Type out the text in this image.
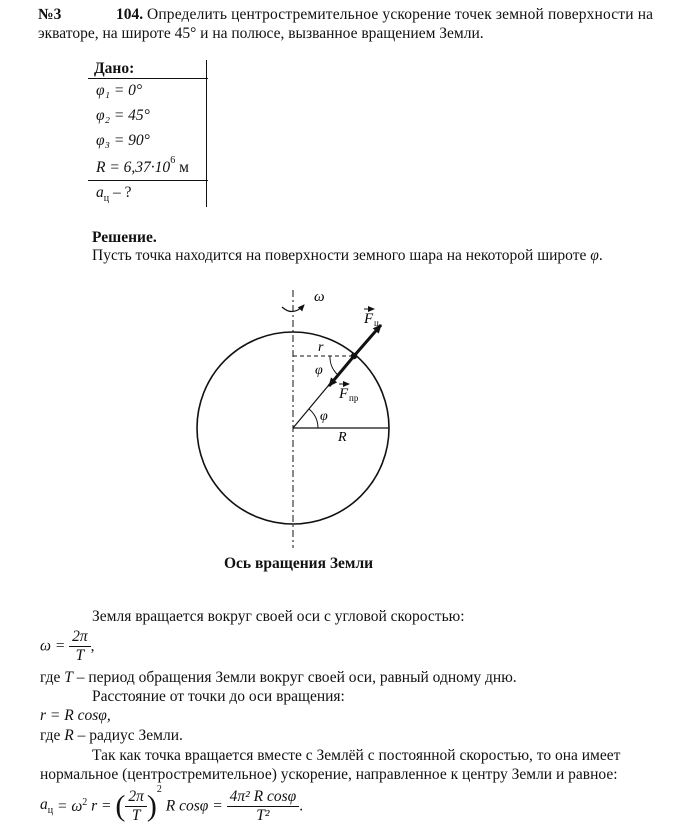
№3	104. Определить центростремительное ускорение точек земной поверхности на
экваторе, на широте 45° и на полюсе, вызванное вращением Земли.
Дано:
φ₁ = 0°
φ₂ = 45°
φ₃ = 90°
$R = 6,37\cdot 10^6$ м
$a_ц$ – ?
Решение.
Пусть точка находится на поверхности земного шара на некоторой широте φ.
ω
F ц
F пр
r
φ
φ
R
Ось вращения Земли
Земля вращается вокруг своей оси с угловой скоростью:
$\omega = \frac{2\pi}{T}$ ,
где T – период обращения Земли вокруг своей оси, равный одному дню.
Расстояние от точки до оси вращения:
r = R cosφ,
где R – радиус Земли.
Так как точка вращается вместе с Землёй с постоянной скоростью, то она имеет
нормальное (центростремительное) ускорение, направленное к центру Земли и равное:
$a_ц = \omega^2$ r = ( $\frac{2\pi}{T} )^2$ R $\cos\varphi = \frac{\text{4π² R cosφ}}{\text{T²}}$ .
